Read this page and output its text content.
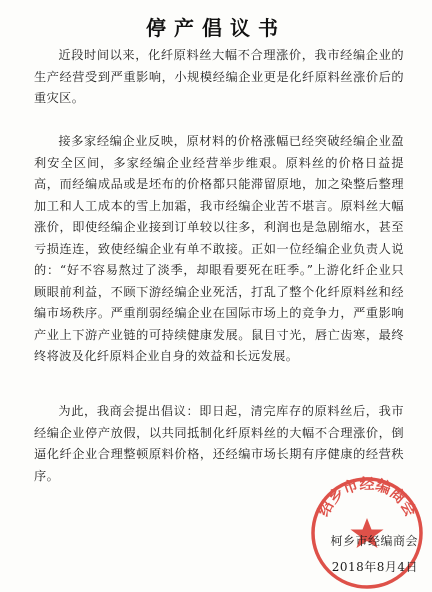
停产倡议书

近段时间以来，化纤原料丝大幅不合理涨价，我市经编企业的生产经营受到严重影响，小规模经编企业更是化纤原料丝涨价后的重灾区。

接多家经编企业反映，原材料的价格涨幅已经突破经编企业盈利安全区间，多家经编企业经营举步维艰。原料丝的价格日益提高，而经编成品或是坯布的价格都只能滞留原地，加之染整后整理加工和人工成本的雪上加霜，我市经编企业苦不堪言。原料丝大幅涨价，即使经编企业接到订单较以往多，利润也是急剧缩水，甚至亏损连连，致使经编企业有单不敢接。正如一位经编企业负责人说的：“好不容易熬过了淡季，却眼看要死在旺季。”上游化纤企业只顾眼前利益，不顾下游经编企业死活，打乱了整个化纤原料丝和经编市场秩序。严重削弱经编企业在国际市场上的竞争力，严重影响产业上下游产业链的可持续健康发展。鼠目寸光，唇亡齿寒，最终终将波及化纤原料企业自身的效益和长远发展。

为此，我商会提出倡议：即日起，清完库存的原料丝后，我市经编企业停产放假，以共同抵制化纤原料丝的大幅不合理涨价，倒逼化纤企业合理整顿原料价格，还经编市场长期有序健康的经营秩序。

绍乡市经编商会
柯乡市经编商会
2018年8月4日
